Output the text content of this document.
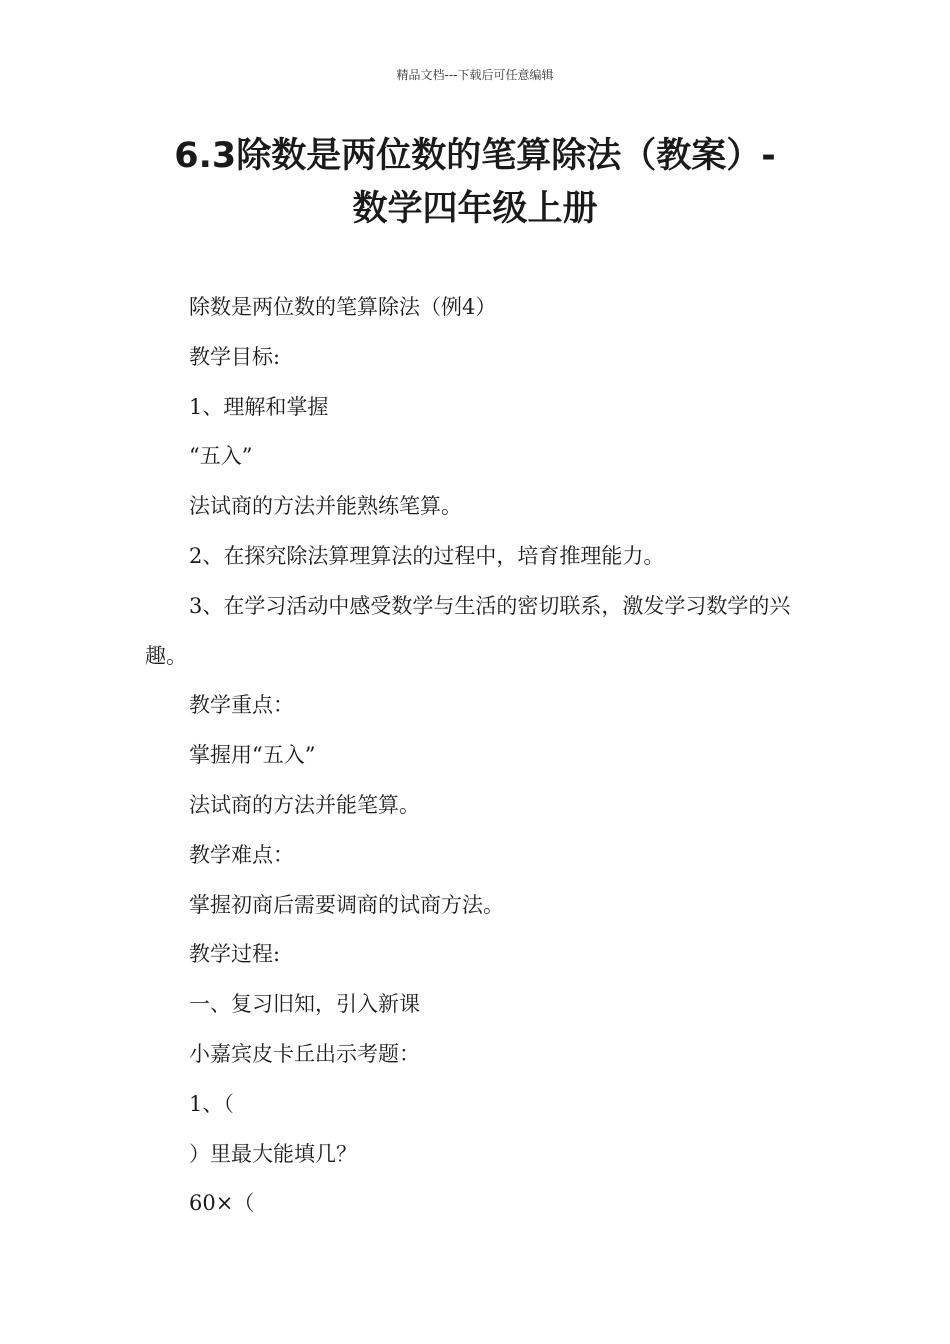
精品文档---下载后可任意编辑
6.3除数是两位数的笔算除法（教案）-
数学四年级上册

除数是两位数的笔算除法（例4）

教学目标:

1、理解和掌握

“五入”

法试商的方法并能熟练笔算。

2、在探究除法算理算法的过程中，培育推理能力。

3、在学习活动中感受数学与生活的密切联系，激发学习数学的兴趣。

教学重点：

掌握用“五入”

法试商的方法并能笔算。

教学难点：

掌握初商后需要调商的试商方法。

教学过程:

一、复习旧知，引入新课

小嘉宾皮卡丘出示考题：

1、（

）里最大能填几？

60×（
